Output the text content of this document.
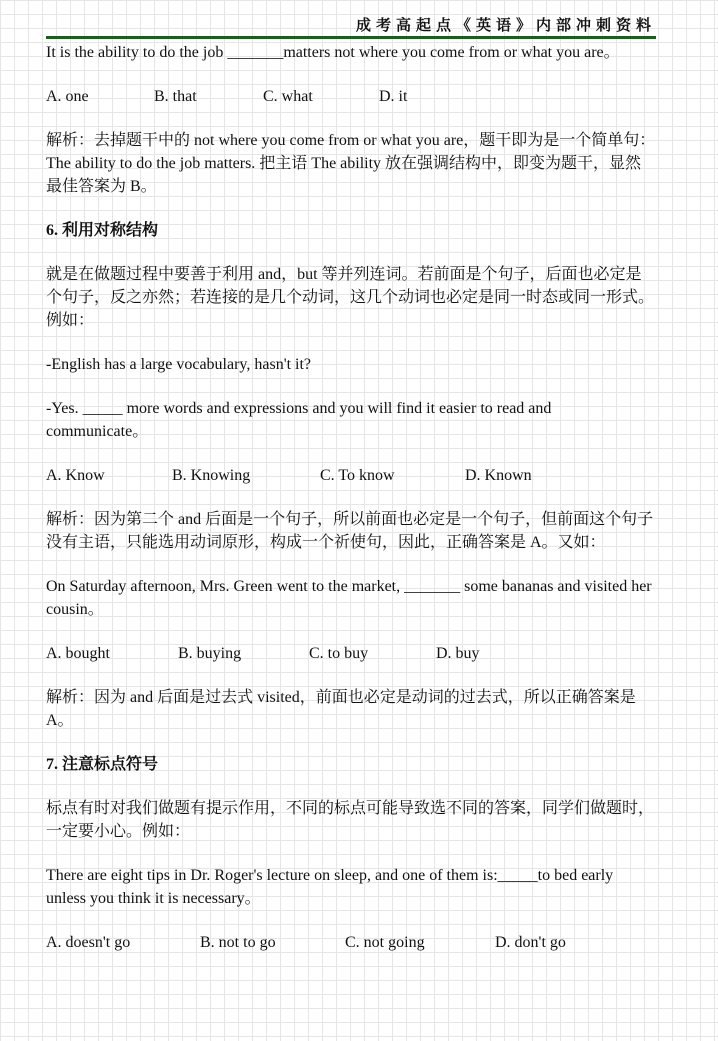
成考高起点《英语》内部冲刺资料

It is the ability to do the job _______matters not where you come from or what you are。

A. one	B. that	C. what	D. it

解析：去掉题干中的 not where you come from or what you are，题干即为是一个简单句：The ability to do the job matters. 把主语 The ability 放在强调结构中，即变为题干，显然最佳答案为 B。

6. 利用对称结构

就是在做题过程中要善于利用 and，but 等并列连词。若前面是个句子，后面也必定是个句子，反之亦然；若连接的是几个动词，这几个动词也必定是同一时态或同一形式。例如：

-English has a large vocabulary, hasn't it?

-Yes. _____ more words and expressions and you will find it easier to read and communicate。

A. Know	B. Knowing	C. To know	D. Known

解析：因为第二个 and 后面是一个句子，所以前面也必定是一个句子，但前面这个句子没有主语，只能选用动词原形，构成一个祈使句，因此，正确答案是 A。又如：

On Saturday afternoon, Mrs. Green went to the market, _______ some bananas and visited her cousin。

A. bought	B. buying	C. to buy	D. buy

解析：因为 and 后面是过去式 visited，前面也必定是动词的过去式，所以正确答案是 A。

7. 注意标点符号

标点有时对我们做题有提示作用，不同的标点可能导致选不同的答案，同学们做题时，一定要小心。例如：

There are eight tips in Dr. Roger's lecture on sleep, and one of them is:_____to bed early unless you think it is necessary。

A. doesn't go	B. not to go	C. not going	D. don't go
